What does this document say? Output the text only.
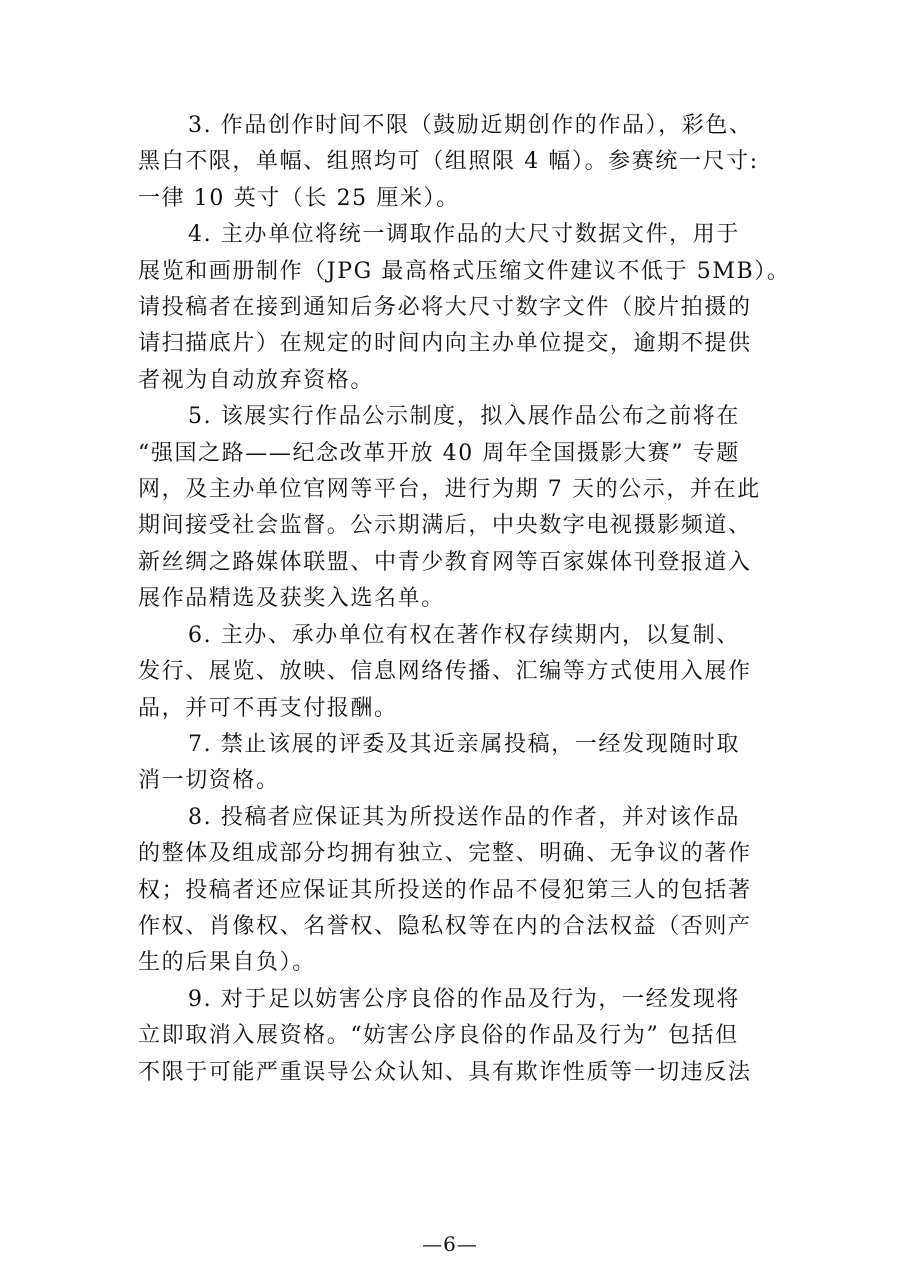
3. 作品创作时间不限（鼓励近期创作的作品），彩色、
黑白不限，单幅、组照均可（组照限 4 幅）。参赛统一尺寸:
一律 10 英寸（长 25 厘米）。

4. 主办单位将统一调取作品的大尺寸数据文件，用于
展览和画册制作（JPG 最高格式压缩文件建议不低于 5MB）。
请投稿者在接到通知后务必将大尺寸数字文件（胶片拍摄的
请扫描底片）在规定的时间内向主办单位提交，逾期不提供
者视为自动放弃资格。

5. 该展实行作品公示制度，拟入展作品公布之前将在
“强国之路——纪念改革开放 40 周年全国摄影大赛” 专题
网，及主办单位官网等平台，进行为期 7 天的公示，并在此
期间接受社会监督。公示期满后，中央数字电视摄影频道、
新丝绸之路媒体联盟、中青少教育网等百家媒体刊登报道入
展作品精选及获奖入选名单。

6. 主办、承办单位有权在著作权存续期内，以复制、
发行、展览、放映、信息网络传播、汇编等方式使用入展作
品，并可不再支付报酬。

7. 禁止该展的评委及其近亲属投稿，一经发现随时取
消一切资格。

8. 投稿者应保证其为所投送作品的作者，并对该作品
的整体及组成部分均拥有独立、完整、明确、无争议的著作
权；投稿者还应保证其所投送的作品不侵犯第三人的包括著
作权、肖像权、名誉权、隐私权等在内的合法权益（否则产
生的后果自负）。

9. 对于足以妨害公序良俗的作品及行为，一经发现将
立即取消入展资格。“妨害公序良俗的作品及行为” 包括但
不限于可能严重误导公众认知、具有欺诈性质等一切违反法

—6—
